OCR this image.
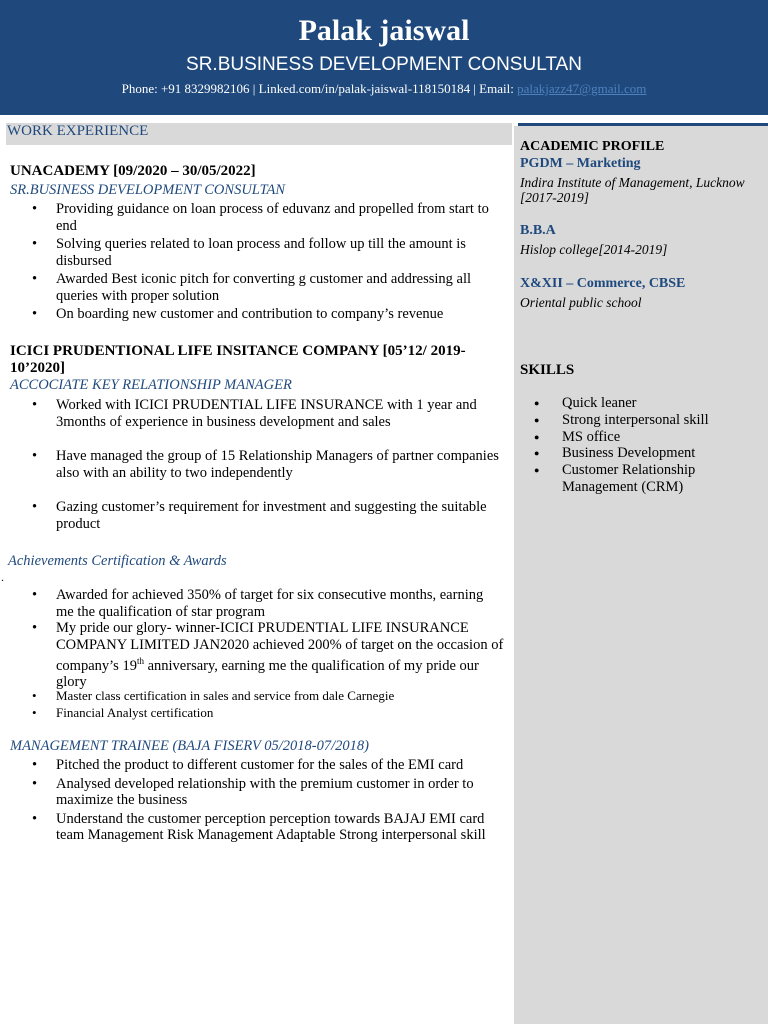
Palak jaiswal
SR.BUSINESS DEVELOPMENT CONSULTAN
Phone: +91 8329982106 | Linked.com/in/palak-jaiswal-118150184 | Email: palakjazz47@gmail.com
WORK EXPERIENCE
UNACADEMY [09/2020 – 30/05/2022]
SR.BUSINESS DEVELOPMENT CONSULTAN
• Providing guidance on loan process of eduvanz and propelled from start to end
• Solving queries related to loan process and follow up till the amount is disbursed
• Awarded Best iconic pitch for converting g customer and addressing all queries with proper solution
• On boarding new customer and contribution to company’s revenue
ICICI PRUDENTIONAL LIFE INSITANCE COMPANY [05’12/ 2019-10’2020]
ACCOCIATE KEY RELATIONSHIP MANAGER
• Worked with ICICI PRUDENTIAL LIFE INSURANCE with 1 year and 3months of experience in business development and sales
• Have managed the group of 15 Relationship Managers of partner companies also with an ability to two independently
• Gazing customer’s requirement for investment and suggesting the suitable product
Achievements Certification & Awards
.
• Awarded for achieved 350% of target for six consecutive months, earning me the qualification of star program
• My pride our glory- winner-ICICI PRUDENTIAL LIFE INSURANCE COMPANY LIMITED JAN2020 achieved 200% of target on the occasion of company’s 19th anniversary, earning me the qualification of my pride our glory
• Master class certification in sales and service from dale Carnegie
• Financial Analyst certification
MANAGEMENT TRAINEE (BAJA FISERV 05/2018-07/2018)
• Pitched the product to different customer for the sales of the EMI card
• Analysed developed relationship with the premium customer in order to maximize the business
• Understand the customer perception perception towards BAJAJ EMI card team Management Risk Management Adaptable Strong interpersonal skill
ACADEMIC PROFILE
PGDM – Marketing
Indira Institute of Management, Lucknow [2017-2019]
B.B.A
Hislop college[2014-2019]
X&XII – Commerce, CBSE
Oriental public school
SKILLS
● Quick leaner
● Strong interpersonal skill
● MS office
● Business Development
● Customer Relationship Management (CRM)
